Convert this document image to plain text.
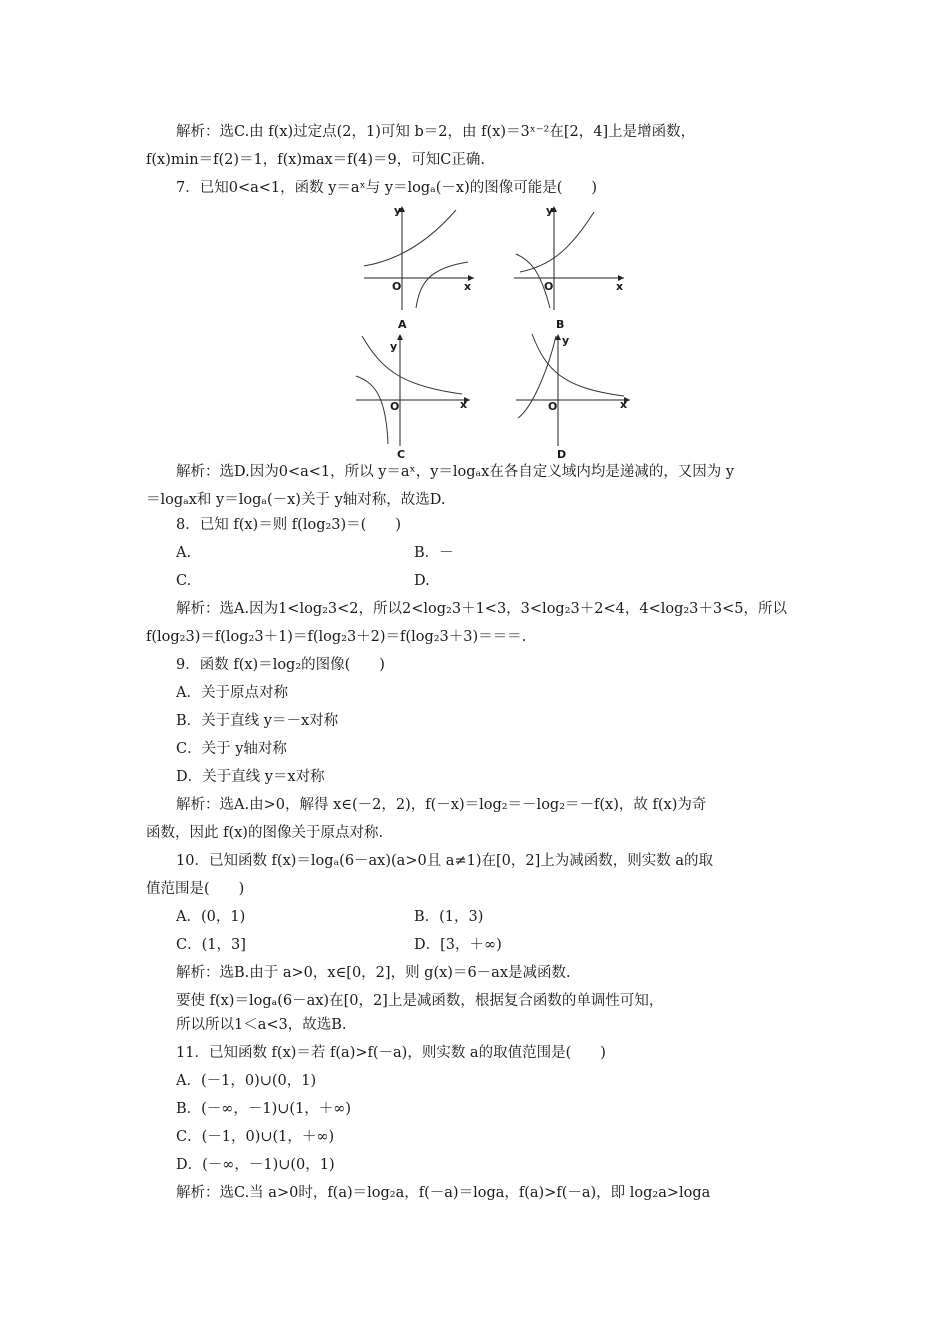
解析：选C.由 f(x)过定点(2，1)可知 b＝2，由 f(x)＝3ˣ⁻²在[2，4]上是增函数，
f(x)min＝f(2)＝1，f(x)max＝f(4)＝9，可知C正确.
7．已知0<a<1，函数 y＝aˣ与 y＝logₐ(－x)的图像可能是(　　)
y
x
O
A
y
x
O
B
y
x
O
C
y
x
O
D
解析：选D.因为0<a<1，所以 y＝aˣ，y＝logₐx在各自定义域内均是递减的，又因为 y
＝logₐx和 y＝logₐ(－x)关于 y轴对称，故选D.
8．已知 f(x)＝则 f(log₂3)＝(　　)
A.	B．－
C.	D.
解析：选A.因为1<log₂3<2，所以2<log₂3＋1<3，3<log₂3＋2<4，4<log₂3＋3<5，所以
f(log₂3)＝f(log₂3＋1)＝f(log₂3＋2)＝f(log₂3＋3)＝＝＝.
9．函数 f(x)＝log₂的图像(　　)
A．关于原点对称
B．关于直线 y＝－x对称
C．关于 y轴对称
D．关于直线 y＝x对称
解析：选A.由>0，解得 x∈(－2，2)，f(－x)＝log₂＝－log₂＝－f(x)，故 f(x)为奇
函数，因此 f(x)的图像关于原点对称.
10．已知函数 f(x)＝logₐ(6－ax)(a>0且 a≠1)在[0，2]上为减函数，则实数 a的取
值范围是(　　)
A．(0，1)	B．(1，3)
C．(1，3]	D．[3，＋∞)
解析：选B.由于 a>0，x∈[0，2]，则 g(x)＝6－ax是减函数.
要使 f(x)＝logₐ(6－ax)在[0，2]上是减函数，根据复合函数的单调性可知，
所以所以1＜a<3，故选B.
11．已知函数 f(x)＝若 f(a)>f(－a)，则实数 a的取值范围是(　　)
A．(－1，0)∪(0，1)
B．(－∞，－1)∪(1，＋∞)
C．(－1，0)∪(1，＋∞)
D．(－∞，－1)∪(0，1)
解析：选C.当 a>0时，f(a)＝log₂a，f(－a)＝loga，f(a)>f(－a)，即 log₂a>loga
